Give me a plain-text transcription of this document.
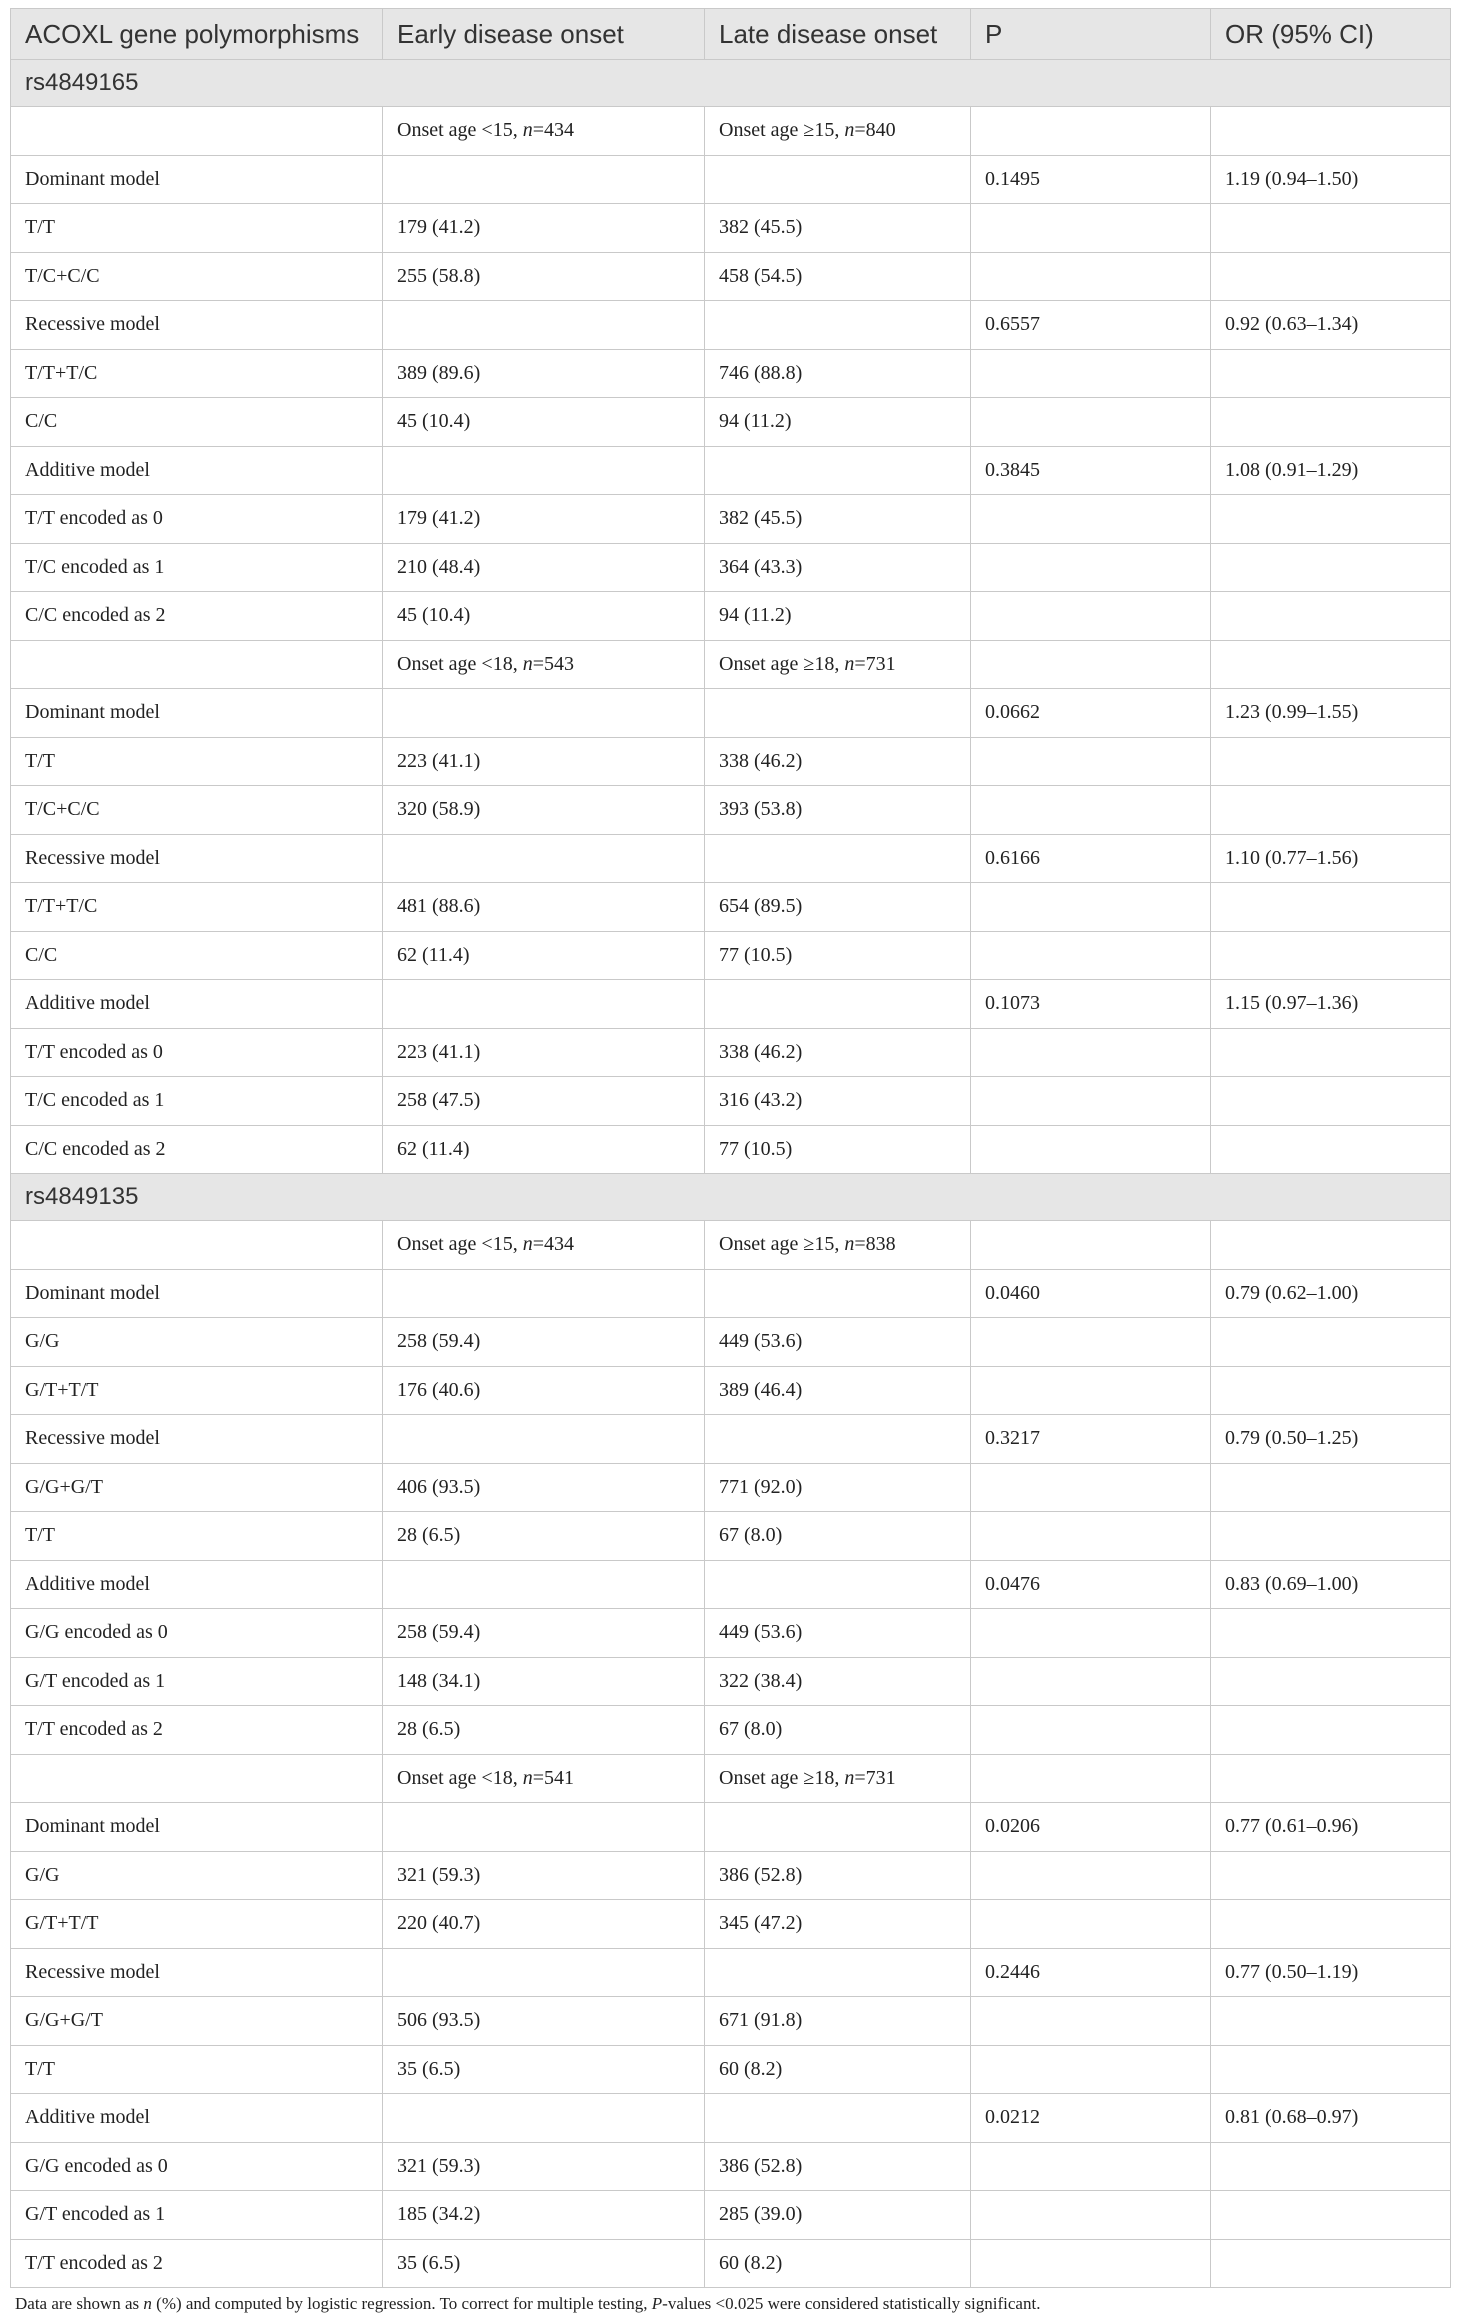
ACOXL gene polymorphisms	Early disease onset	Late disease onset	P	OR (95% CI)
rs4849165				
	Onset age <15, n=434	Onset age ≥15, n=840		
Dominant model			0.1495	1.19 (0.94–1.50)
T/T	179 (41.2)	382 (45.5)		
T/C+C/C	255 (58.8)	458 (54.5)		
Recessive model			0.6557	0.92 (0.63–1.34)
T/T+T/C	389 (89.6)	746 (88.8)		
C/C	45 (10.4)	94 (11.2)		
Additive model			0.3845	1.08 (0.91–1.29)
T/T encoded as 0	179 (41.2)	382 (45.5)		
T/C encoded as 1	210 (48.4)	364 (43.3)		
C/C encoded as 2	45 (10.4)	94 (11.2)		
	Onset age <18, n=543	Onset age ≥18, n=731		
Dominant model			0.0662	1.23 (0.99–1.55)
T/T	223 (41.1)	338 (46.2)		
T/C+C/C	320 (58.9)	393 (53.8)		
Recessive model			0.6166	1.10 (0.77–1.56)
T/T+T/C	481 (88.6)	654 (89.5)		
C/C	62 (11.4)	77 (10.5)		
Additive model			0.1073	1.15 (0.97–1.36)
T/T encoded as 0	223 (41.1)	338 (46.2)		
T/C encoded as 1	258 (47.5)	316 (43.2)		
C/C encoded as 2	62 (11.4)	77 (10.5)		
rs4849135				
	Onset age <15, n=434	Onset age ≥15, n=838		
Dominant model			0.0460	0.79 (0.62–1.00)
G/G	258 (59.4)	449 (53.6)		
G/T+T/T	176 (40.6)	389 (46.4)		
Recessive model			0.3217	0.79 (0.50–1.25)
G/G+G/T	406 (93.5)	771 (92.0)		
T/T	28 (6.5)	67 (8.0)		
Additive model			0.0476	0.83 (0.69–1.00)
G/G encoded as 0	258 (59.4)	449 (53.6)		
G/T encoded as 1	148 (34.1)	322 (38.4)		
T/T encoded as 2	28 (6.5)	67 (8.0)		
	Onset age <18, n=541	Onset age ≥18, n=731		
Dominant model			0.0206	0.77 (0.61–0.96)
G/G	321 (59.3)	386 (52.8)		
G/T+T/T	220 (40.7)	345 (47.2)		
Recessive model			0.2446	0.77 (0.50–1.19)
G/G+G/T	506 (93.5)	671 (91.8)		
T/T	35 (6.5)	60 (8.2)		
Additive model			0.0212	0.81 (0.68–0.97)
G/G encoded as 0	321 (59.3)	386 (52.8)		
G/T encoded as 1	185 (34.2)	285 (39.0)		
T/T encoded as 2	35 (6.5)	60 (8.2)		
Data are shown as n (%) and computed by logistic regression. To correct for multiple testing, P-values <0.025 were considered statistically significant.
